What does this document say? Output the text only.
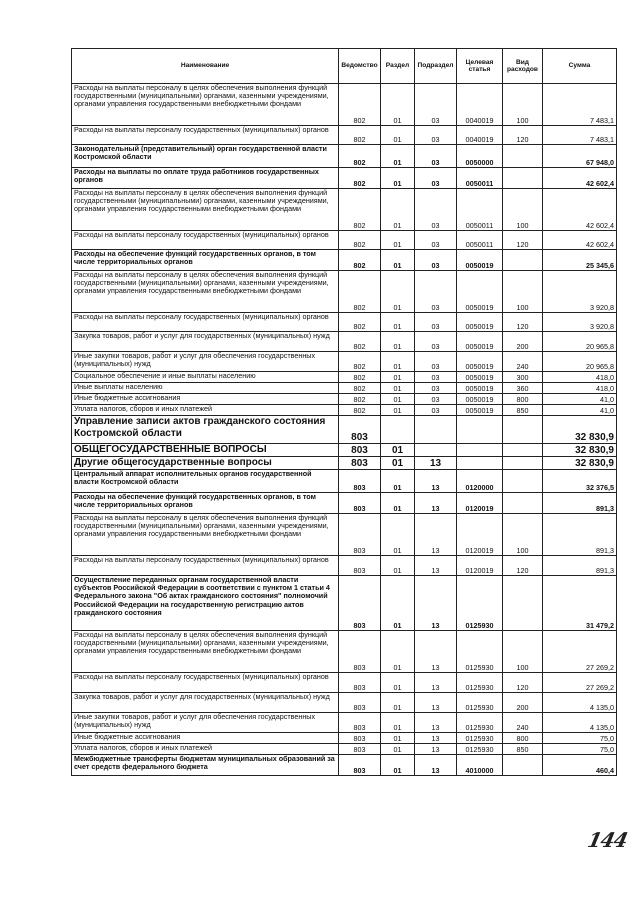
Наименование	Ведомство	Раздел	Подраздел	Целевая статья	Вид расходов	Сумма
Расходы на выплаты персоналу в целях обеспечения выполнения функций государственными (муниципальными) органами, казенными учреждениями, органами управления государственными внебюджетными фондами	802	01	03	0040019	100	7 483,1
Расходы на выплаты персоналу государственных (муниципальных) органов	802	01	03	0040019	120	7 483,1
Законодательный (представительный) орган государственной власти Костромской области	802	01	03	0050000		67 948,0
Расходы на выплаты по оплате труда работников государственных органов	802	01	03	0050011		42 602,4
Расходы на выплаты персоналу в целях обеспечения выполнения функций государственными (муниципальными) органами, казенными учреждениями, органами управления государственными внебюджетными фондами	802	01	03	0050011	100	42 602,4
Расходы на выплаты персоналу государственных (муниципальных) органов	802	01	03	0050011	120	42 602,4
Расходы на обеспечение функций государственных органов, в том числе территориальных органов	802	01	03	0050019		25 345,6
Расходы на выплаты персоналу в целях обеспечения выполнения функций государственными (муниципальными) органами, казенными учреждениями, органами управления государственными внебюджетными фондами	802	01	03	0050019	100	3 920,8
Расходы на выплаты персоналу государственных (муниципальных) органов	802	01	03	0050019	120	3 920,8
Закупка товаров, работ и услуг для государственных (муниципальных) нужд	802	01	03	0050019	200	20 965,8
Иные закупки товаров, работ и услуг для обеспечения государственных (муниципальных) нужд	802	01	03	0050019	240	20 965,8
Социальное обеспечение и иные выплаты населению	802	01	03	0050019	300	418,0
Иные выплаты населению	802	01	03	0050019	360	418,0
Иные бюджетные ассигнования	802	01	03	0050019	800	41,0
Уплата налогов, сборов и иных платежей	802	01	03	0050019	850	41,0
Управление записи актов гражданского состояния Костромской области	803					32 830,9
ОБЩЕГОСУДАРСТВЕННЫЕ ВОПРОСЫ	803	01				32 830,9
Другие общегосударственные вопросы	803	01	13			32 830,9
Центральный аппарат исполнительных органов государственной власти Костромской области	803	01	13	0120000		32 376,5
Расходы на обеспечение функций государственных органов, в том числе территориальных органов	803	01	13	0120019		891,3
Расходы на выплаты персоналу в целях обеспечения выполнения функций государственными (муниципальными) органами, казенными учреждениями, органами управления государственными внебюджетными фондами	803	01	13	0120019	100	891,3
Расходы на выплаты персоналу государственных (муниципальных) органов	803	01	13	0120019	120	891,3
Осуществление переданных органам государственной власти субъектов Российской Федерации в соответствии с пунктом 1 статьи 4 Федерального закона "Об актах гражданского состояния" полномочий Российской Федерации на государственную регистрацию актов гражданского состояния	803	01	13	0125930		31 479,2
Расходы на выплаты персоналу в целях обеспечения выполнения функций государственными (муниципальными) органами, казенными учреждениями, органами управления государственными внебюджетными фондами	803	01	13	0125930	100	27 269,2
Расходы на выплаты персоналу государственных (муниципальных) органов	803	01	13	0125930	120	27 269,2
Закупка товаров, работ и услуг для государственных (муниципальных) нужд	803	01	13	0125930	200	4 135,0
Иные закупки товаров, работ и услуг для обеспечения государственных (муниципальных) нужд	803	01	13	0125930	240	4 135,0
Иные бюджетные ассигнования	803	01	13	0125930	800	75,0
Уплата налогов, сборов и иных платежей	803	01	13	0125930	850	75,0
Межбюджетные трансферты бюджетам муниципальных образований за счет средств федерального бюджета	803	01	13	4010000		460,4
144
